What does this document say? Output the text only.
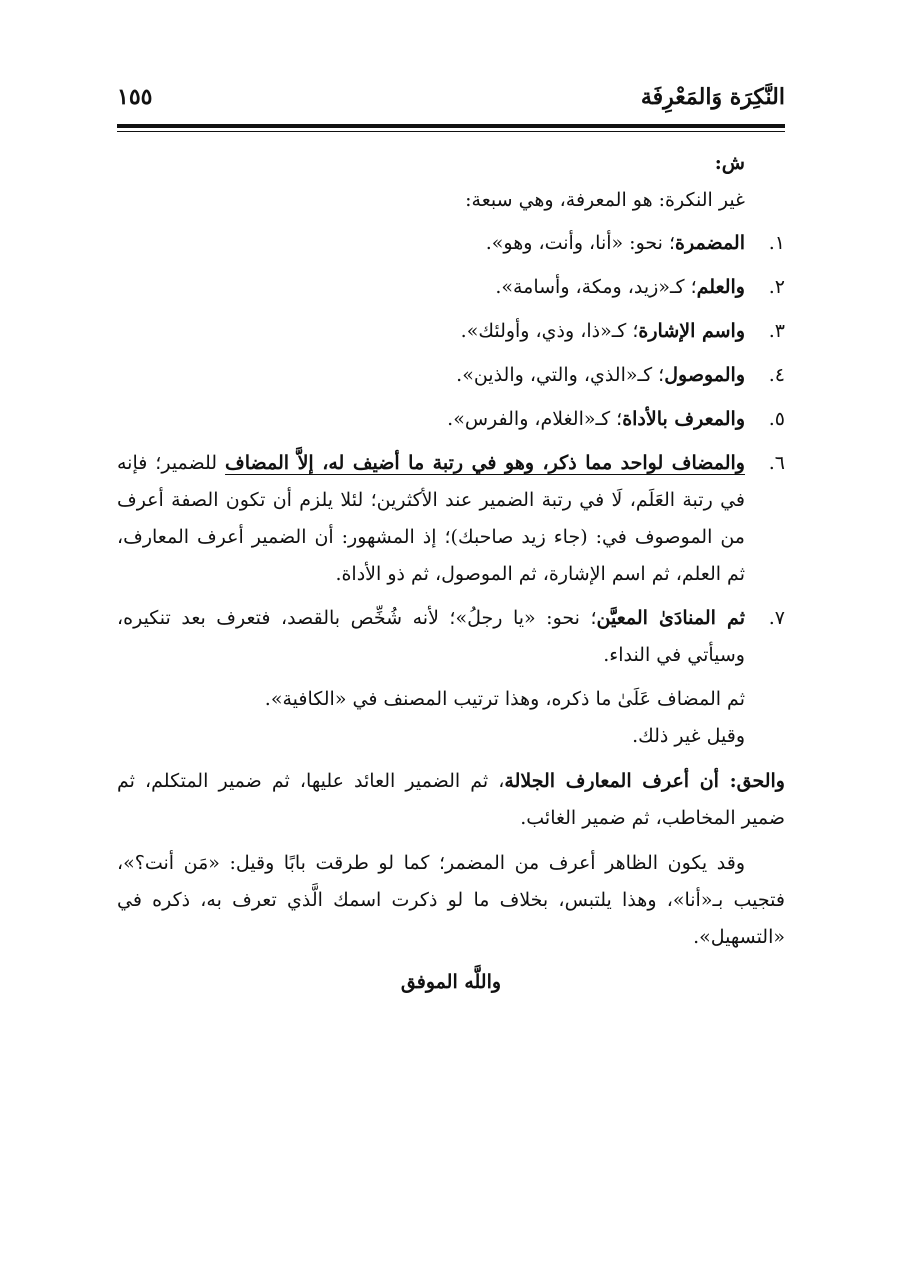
النَّكِرَة وَالمَعْرِفَة
١٥٥

ش:

غير النكرة: هو المعرفة، وهي سبعة:

١.
المضمرة؛ نحو: «أنا، وأنت، وهو».
٢.
والعلم؛ كـ«زيد، ومكة، وأسامة».
٣.
واسم الإشارة؛ كـ«ذا، وذي، وأولئك».
٤.
والموصول؛ كـ«الذي، والتي، والذين».
٥.
والمعرف بالأداة؛ كـ«الغلام، والفرس».
٦.
والمضاف لواحد مما ذكر، وهو في رتبة ما أضيف له، إلاَّ المضاف للضمير؛ فإنه في رتبة العَلَم، لَا في رتبة الضمير عند الأكثرين؛ لئلا يلزم أن تكون الصفة أعرف من الموصوف في: (جاء زيد صاحبك)؛ إذ المشهور: أن الضمير أعرف المعارف، ثم العلم، ثم اسم الإشارة، ثم الموصول، ثم ذو الأداة.
٧.
ثم المنادَىٰ المعيَّن؛ نحو: «يا رجلُ»؛ لأنه شُخِّص بالقصد، فتعرف بعد تنكيره، وسيأتي في النداء.

ثم المضاف عَلَىٰ ما ذكره، وهذا ترتيب المصنف في «الكافية».

وقيل غير ذلك.

والحق: أن أعرف المعارف الجلالة، ثم الضمير العائد عليها، ثم ضمير المتكلم، ثم ضمير المخاطب، ثم ضمير الغائب.

وقد يكون الظاهر أعرف من المضمر؛ كما لو طرقت بابًا وقيل: «مَن أنت؟»، فتجيب بـ«أنا»، وهذا يلتبس، بخلاف ما لو ذكرت اسمك الَّذي تعرف به، ذكره في «التسهيل».

واللَّه الموفق
